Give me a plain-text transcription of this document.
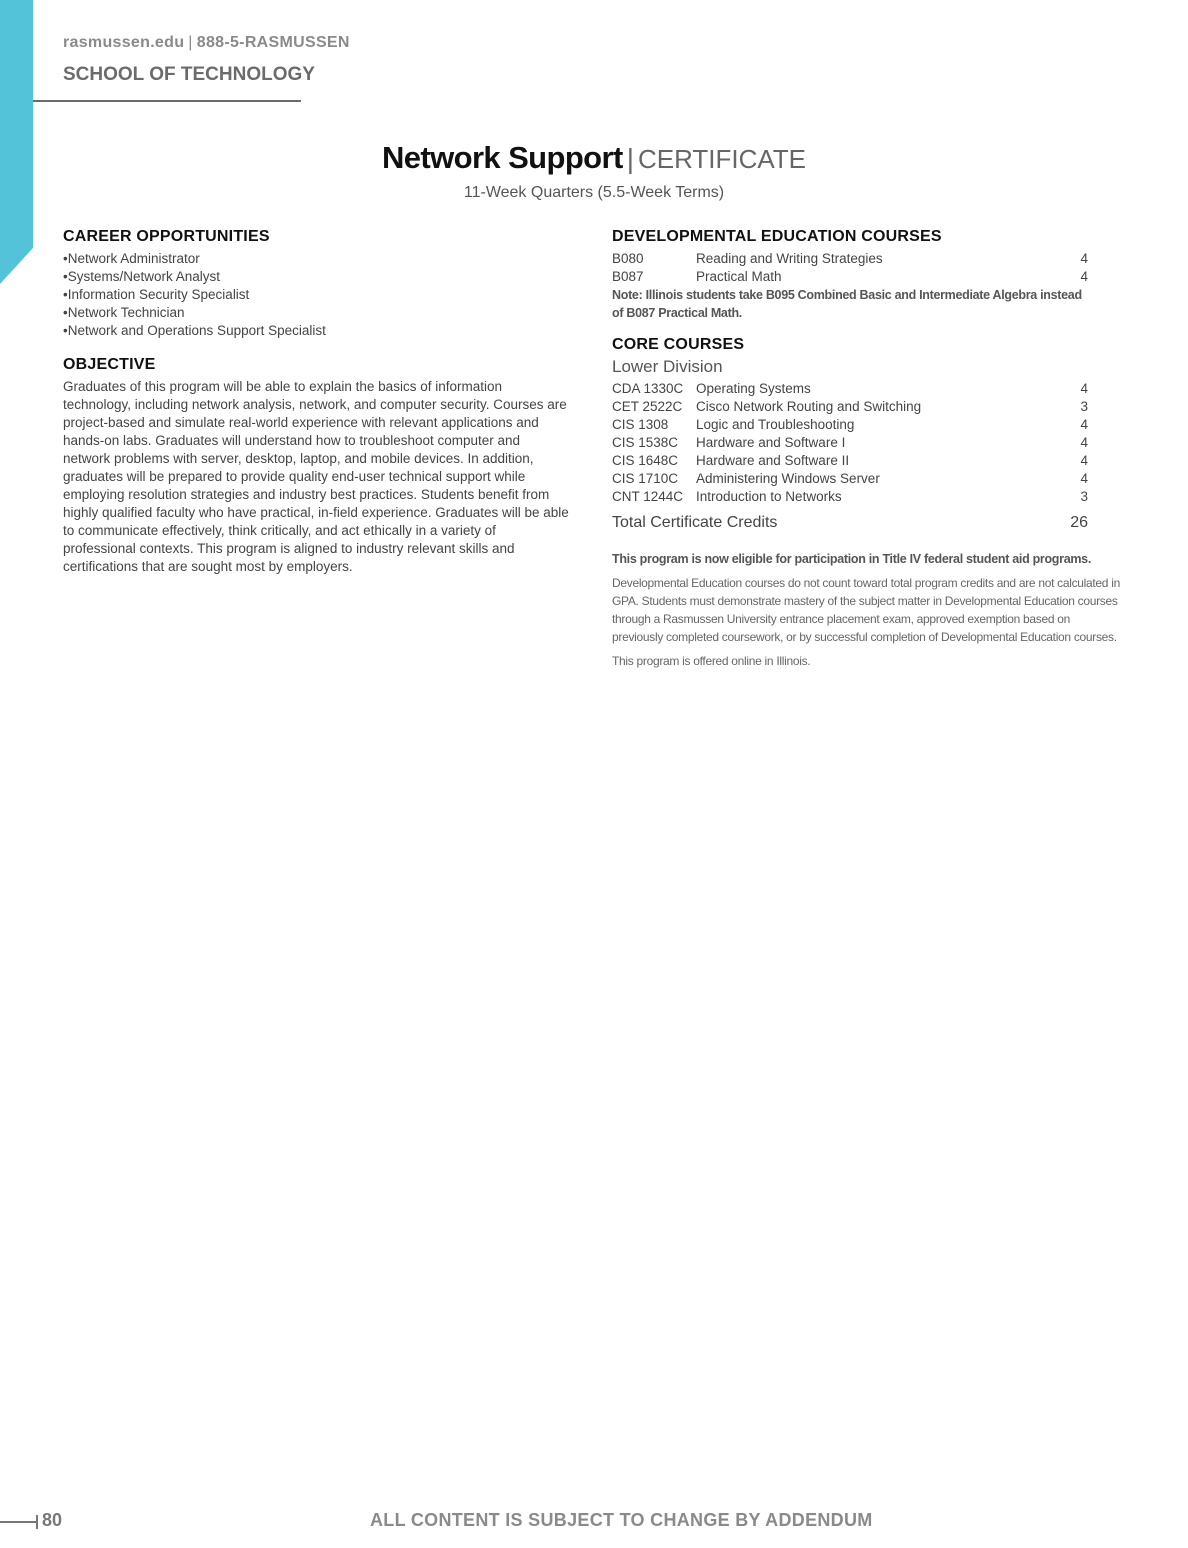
rasmussen.edu | 888-5-RASMUSSEN
SCHOOL OF TECHNOLOGY
Network Support | CERTIFICATE
11-Week Quarters (5.5-Week Terms)
CAREER OPPORTUNITIES
• Network Administrator
• Systems/Network Analyst
• Information Security Specialist
• Network Technician
• Network and Operations Support Specialist
OBJECTIVE
Graduates of this program will be able to explain the basics of information technology, including network analysis, network, and computer security. Courses are project-based and simulate real-world experience with relevant applications and hands-on labs. Graduates will understand how to troubleshoot computer and network problems with server, desktop, laptop, and mobile devices. In addition, graduates will be prepared to provide quality end-user technical support while employing resolution strategies and industry best practices. Students benefit from highly qualified faculty who have practical, in-field experience. Graduates will be able to communicate effectively, think critically, and act ethically in a variety of professional contexts. This program is aligned to industry relevant skills and certifications that are sought most by employers.
DEVELOPMENTAL EDUCATION COURSES
B080	Reading and Writing Strategies	4
B087	Practical Math	4
Note: Illinois students take B095 Combined Basic and Intermediate Algebra instead of B087 Practical Math.
CORE COURSES
Lower Division
CDA 1330C Operating Systems	4
CET 2522C	Cisco Network Routing and Switching	3
CIS 1308	Logic and Troubleshooting	4
CIS 1538C	Hardware and Software I	4
CIS 1648C	Hardware and Software II	4
CIS 1710C	Administering Windows Server	4
CNT 1244C Introduction to Networks	3
Total Certificate Credits	26
This program is now eligible for participation in Title IV federal student aid programs.
Developmental Education courses do not count toward total program credits and are not calculated in GPA. Students must demonstrate mastery of the subject matter in Developmental Education courses through a Rasmussen University entrance placement exam, approved exemption based on previously completed coursework, or by successful completion of Developmental Education courses.
This program is offered online in Illinois.
80	ALL CONTENT IS SUBJECT TO CHANGE BY ADDENDUM
